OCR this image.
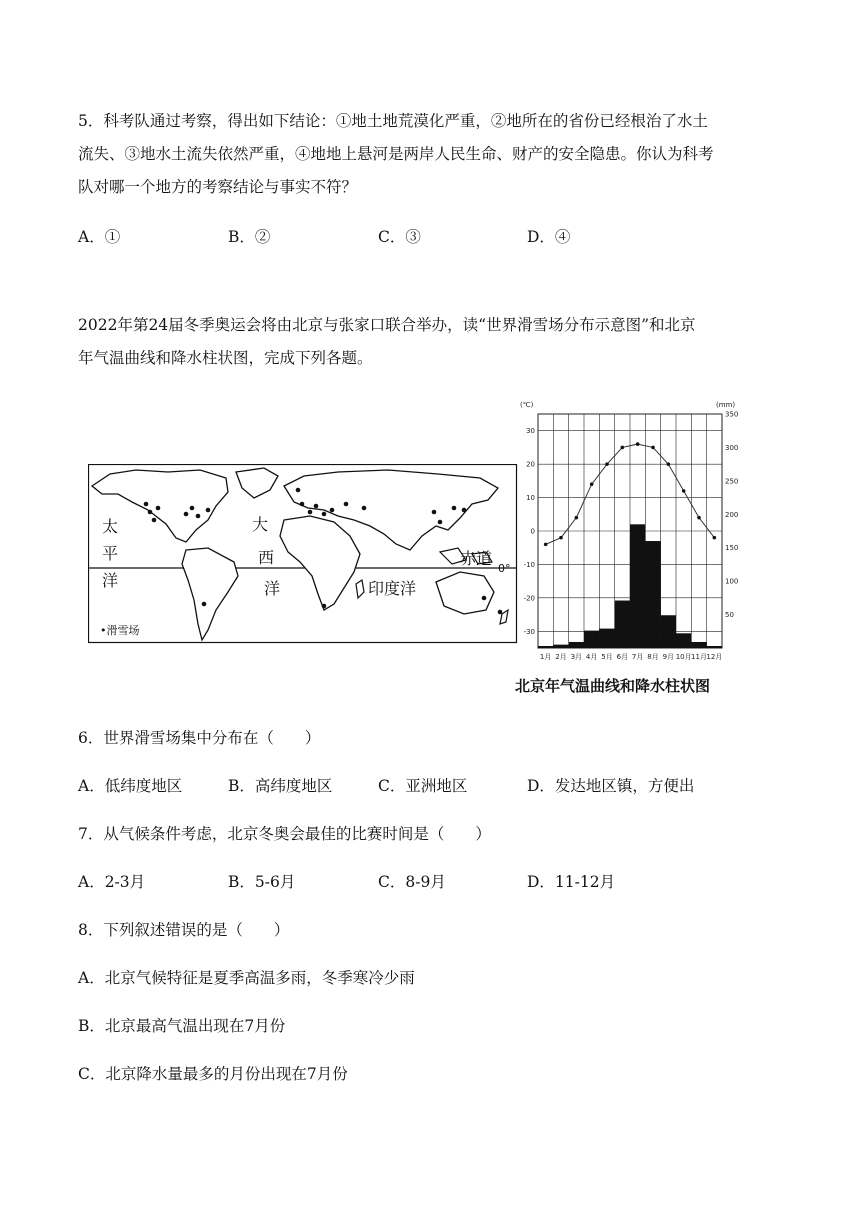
5．科考队通过考察，得出如下结论：①地土地荒漠化严重，②地所在的省份已经根治了水土
流失、③地水土流失依然严重，④地地上悬河是两岸人民生命、财产的安全隐患。你认为科考
队对哪一个地方的考察结论与事实不符？
A．①	B．②	C．③	D．④
2022年第24届冬季奥运会将由北京与张家口联合举办，读“世界滑雪场分布示意图”和北京
年气温曲线和降水柱状图，完成下列各题。
太
平
洋
大
西
洋	印度洋
赤道
0°
•滑雪场
(℃)	(mm)
30
20
10
0
-10
-20
-30
350
300
250
200
150
100
50
1月 2月 3月 4月 5月 6月 7月 8月 9月 10月 11月 12月
北京年气温曲线和降水柱状图
6．世界滑雪场集中分布在（　　）
A．低纬度地区	B．高纬度地区	C．亚洲地区	D．发达地区镇，方便出
7．从气候条件考虑，北京冬奥会最佳的比赛时间是（　　）
A．2-3月	B．5-6月	C．8-9月	D．11-12月
8．下列叙述错误的是（　　）
A．北京气候特征是夏季高温多雨，冬季寒冷少雨
B．北京最高气温出现在7月份
C．北京降水量最多的月份出现在7月份
